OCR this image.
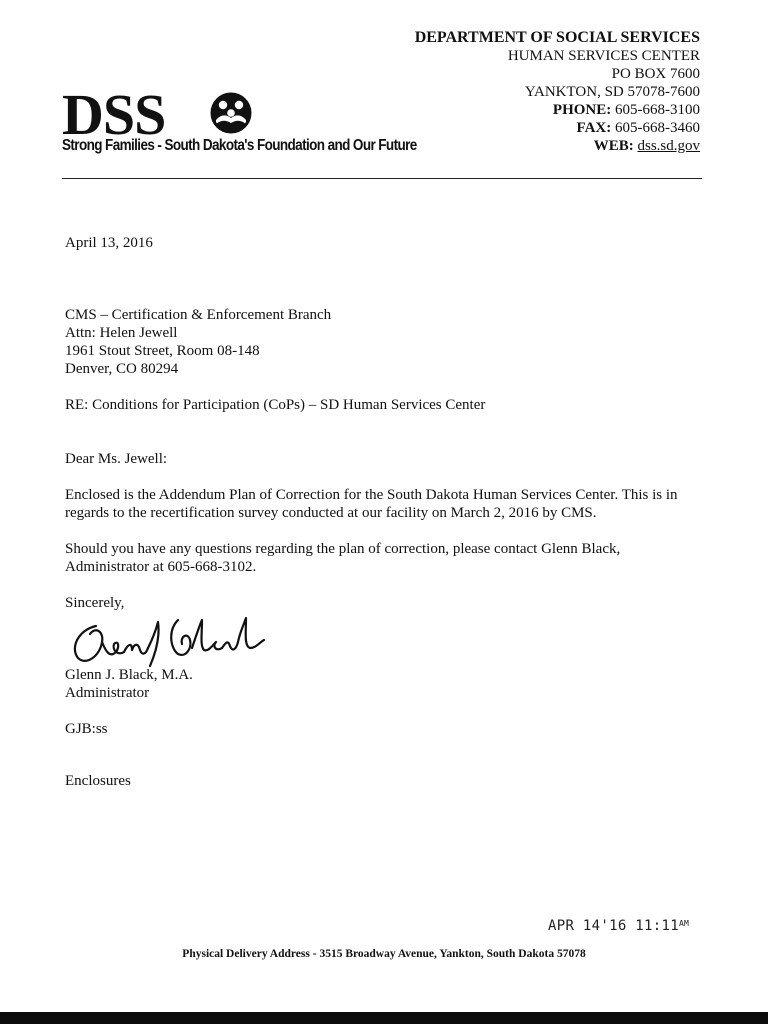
DSS
Strong Families - South Dakota's Foundation and Our Future
DEPARTMENT OF SOCIAL SERVICES
HUMAN SERVICES CENTER
PO BOX 7600
YANKTON, SD 57078-7600
PHONE: 605-668-3100
FAX: 605-668-3460
WEB: dss.sd.gov
April 13, 2016
CMS – Certification & Enforcement Branch
Attn: Helen Jewell
1961 Stout Street, Room 08-148
Denver, CO 80294
RE: Conditions for Participation (CoPs) – SD Human Services Center
Dear Ms. Jewell:
Enclosed is the Addendum Plan of Correction for the South Dakota Human Services Center. This is in regards to the recertification survey conducted at our facility on March 2, 2016 by CMS.
Should you have any questions regarding the plan of correction, please contact Glenn Black, Administrator at 605-668-3102.
Sincerely,
Glenn J. Black, M.A.
Administrator
GJB:ss
Enclosures
APR 14'16 $11:11^{AM}$
Physical Delivery Address - 3515 Broadway Avenue, Yankton, South Dakota 57078
